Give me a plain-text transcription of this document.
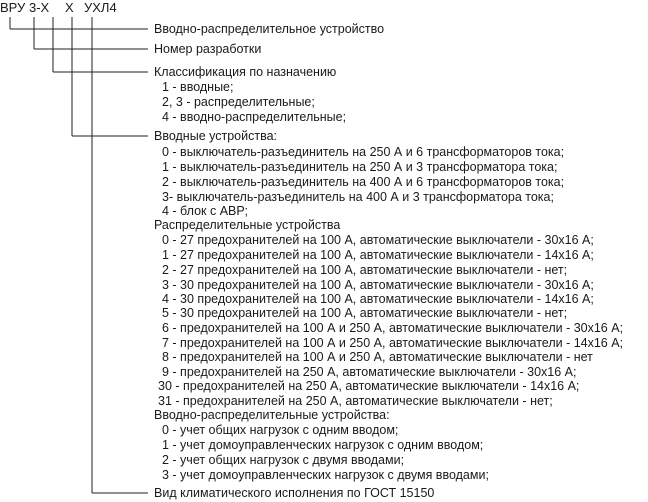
ВРУ 3-Х Х УХЛ4
Вводно-распределительное устройство
Номер разработки
Классификация по назначению
1 - вводные;
2, 3 - распределительные;
4 - вводно-распределительные;
Вводные устройства:
0 - выключатель-разъединитель на 250 А и 6 трансформаторов тока;
1 - выключатель-разъединитель на 250 А и 3 трансформатора тока;
2 - выключатель-разъединитель на 400 А и 6 трансформаторов тока;
3- выключатель-разъединитель на 400 А и 3 трансформатора тока;
4 - блок с АВР;
Распределительные устройства
0 - 27 предохранителей на 100 А, автоматические выключатели - 30х16 А;
1 - 27 предохранителей на 100 А, автоматические выключатели - 14х16 А;
2 - 27 предохранителей на 100 А, автоматические выключатели - нет;
3 - 30 предохранителей на 100 А, автоматические выключатели - 30х16 А;
4 - 30 предохранителей на 100 А, автоматические выключатели - 14х16 А;
5 - 30 предохранителей на 100 А, автоматические выключатели - нет;
6 - предохранителей на 100 А и 250 А, автоматические выключатели - 30х16 А;
7 - предохранителей на 100 А и 250 А, автоматические выключатели - 14х16 А;
8 - предохранителей на 100 А и 250 А, автоматические выключатели - нет
9 - предохранителей на 250 А, автоматические выключатели - 30х16 А;
30 - предохранителей на 250 А, автоматические выключатели - 14х16 А;
31 - предохранителей на 250 А, автоматические выключатели - нет;
Вводно-распределительные устройства:
0 - учет общих нагрузок с одним вводом;
1 - учет домоуправленческих нагрузок с одним вводом;
2 - учет общих нагрузок с двумя вводами;
3 - учет домоуправленческих нагрузок с двумя вводами;
Вид климатического исполнения по ГОСТ 15150
